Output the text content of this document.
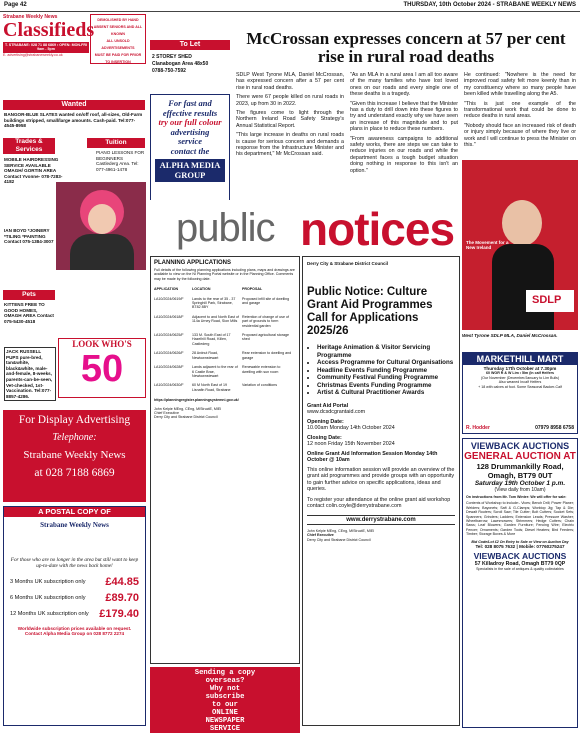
Page 42	THURSDAY, 10th October 2024 - STRABANE WEEKLY NEWS
Strabane Weekly News
Classifieds
T. STRABANE: 028 71 88 6869 • OPEN: MON-FRI 9am - 5pm
E. advertising@strabaneweekly.co.uk
DEMOLISHED BY HAND
ABSENT SENIORS AND ALL KNOWN
ALL UNSOLD ADVERTISEMENTS
MUST BE PAID FOR PRIOR TO INSERTION
Wanted
BANGOR-BLUE SLATES wanted on/off roof, all-sizes, Old-Farm buildings stripped, small/large amounts. Cash-paid. Tel:077-4545-8958
Trades & Services
Tuition
MOBILE HAIRDRESSING SERVICE AVAILABLE OMAGH/ GORTIN AREA Contact Yvonne- 078-7283-4182
PIANO LESSONS FOR BEGINNERS Castlederg Area. Tel: 077-4961-1478
IAN BOYD *JOINERY *TILING *PAINTING Contact 075-1384-3007
Pets
KITTENS FREE TO GOOD HOMES, OMAGH AREA Contact 075-5430-4518
JACK RUSSELL PUPS pure-bred, tan&white, black&white, male-and-female, 8-weeks, parents-can-be-seen, Vet-checked, 1st-Vaccination. Tel:077-8857-4286.
LOOK WHO'S
50
For Display Advertising
Telephone:
Strabane Weekly News
at 028 7188 6869
A POSTAL COPY OF
Strabane Weekly News
For those who are no longer in the area but still want to keep up-to-date with the news back home!
3 Months UK subscription only £44.85
6 Months UK subscription only £89.70
12 Months UK subscription only £179.40
Worldwide subscription prices available on request.
Contact Alpha Media Group on 028 8772 2274
To Let
2 STOREY SHED Clanabogan Area 48x50 0788-750-7592
For fast and
effective results
try our full colour
advertising
service
contact the
ALPHA MEDIA
GROUP
McCrossan expresses concern at 57 per cent rise in rural road deaths

SDLP West Tyrone MLA, Daniel McCrossan, has expressed concern after a 57 per cent rise in rural road deaths.

There were 67 people killed on rural roads in 2023, up from 30 in 2022.

The figures come to light through the Northern Ireland Road Safety Strategy's Annual Statistical Report.

"This large increase in deaths on rural roads is cause for serious concern and demands a response from the Infrastructure Minister and his department," Mr McCrossan said.

"As an MLA in a rural area I am all too aware of the many families who have lost loved ones on our roads and every single one of these deaths is a tragedy.

"Given this increase I believe that the Minister has a duty to drill down into these figures to try and understand exactly why we have seen an increase of this magnitude and to put plans in place to reduce these numbers.

"From awareness campaigns to additional safety works, there are steps we can take to reduce injuries on our roads and while the department faces a tough budget situation doing nothing in response to this isn't an option."

He continued: "Nowhere is the need for improved road safety felt more keenly than in my constituency where so many people have been killed while travelling along the A5.

"This is just one example of the transformational work that could be done to reduce deaths in rural areas.

"Nobody should face an increased risk of death or injury simply because of where they live or work and I will continue to press the Minister on this."

public notices	The Movement for a New Ireland
SDLP
West Tyrone SDLP MLA, Daniel McCrossan.
PLANNING APPLICATIONS
Full details of the following planning applications including plans, maps and drawings are available to view on the NI Planning Portal website or in the Planning Office. Comments may be made by the following date.
APPLICATION	LOCATION	PROPOSAL
LA10/2024/0619/F	Lands to the rear of 35 - 37 Springhill Park, Strabane, BT82 8BY
Proposed infill site of dwelling and garage
LA10/2024/0618/F	Adjacent to and North East of 114a Urney Road, Sion Mills
Retention of change of use of part of grounds to form residential garden
LA10/2024/0625/F	133 M. South East of 17 Hazelhill Road, Killen, Castlederg
Proposed agricultural storage shed
LA10/2024/0626/F	28 Ardnut Road, Newtownstewart
Rear extension to dwelling and garage
LA10/2024/0628/F	Lands adjacent to the rear of 6 Castle Brae, Newtownstewart
Renewable extension to dwelling with sun room
LA10/2024/0630/F	60 M North East of 19 Lisnafin Road, Strabane
Variation of conditions
https://planningregister.planningsystemni.gov.uk/
John Kelpie MEng, CEng, MIStructE, MIEI
Chief Executive
Derry City and Strabane District Council
Derry City & Strabane District Council
Public Notice: Culture Grant Aid Programmes Call for Applications 2025/26
• Heritage Animation & Visitor Servicing Programme
• Access Programme for Cultural Organisations
• Headline Events Funding Programme
• Community Festival Funding Programme
• Christmas Events Funding Programme
• Artist & Cultural Practitioner Awards
Grant Aid Portal
www.dcsdcgrantaid.com
Opening Date:
10.00am Monday 14th October 2024
Closing Date:
12 noon Friday 15th November 2024
Online Grant Aid Information Session Monday 14th October @ 10am
This online information session will provide an overview of the grant aid programmes and provide groups with an opportunity to gain further advice on specific applications, ideas and queries.
To register your attendance at the online grant aid workshop contact colin.coyle@derrystrabane.com
www.derrystrabane.com
John Kelpie MEng, CEng, MIStructE, MIEI
Chief Executive
Derry City and Strabane District Council
Sending a copy
overseas?
Why not
subscribe
to our
ONLINE
NEWSPAPER
SERVICE
MARKETHILL MART
Thursday 17th October at 7.30pm
60 WOR R & W Lim • 5lm (In calf Heifers
(Our November (December/January to Lim Bulls)
Also weaned Incalf Heifers
+ 18 with calves at foot. Some Seasonal Backer-Calf
R. Hodder	07979 8958 6758
VIEWBACK AUCTIONS
GENERAL AUCTION AT
128 Drummankilly Road,
Omagh, BT79 0UT
Saturday 19th October 1 p.m.
(View daily from 10am)
On instructions from Mr. Tom Winter: We will offer for sale:
Contents of Workshop to include:- Vices; Bench Drill; Power Planer; Welders; Bayonets; Saft & G-Clamps; Worktop Jig; Tap & Die; Dewalt Routers; Scroll Saw; Tile Cutter; Bolt Cutters; Socket Sets; Spanners; Grinders; Ladders; Extension Leads; Pressure Washer; Wheelbarrow; Lawnmowers; Strimmers; Hedge Cutters; Chain Saws; Leaf Blowers; Garden Furniture; Fencing Wire; Electric Fencer; Ornaments; Garden Tools; Diesel Heaters; Bird Feeders; Timber; Storage Boxes & More
Bid Code/Lot £2 On Entry to Sale or View on Auction Day
Tel: 028 8075 7632 | Mobile: 07760275247
VIEWBACK AUCTIONS
57 Killadroy Road, Omagh BT79 0QP
Specialists in the sale of antiques & quality collectables
